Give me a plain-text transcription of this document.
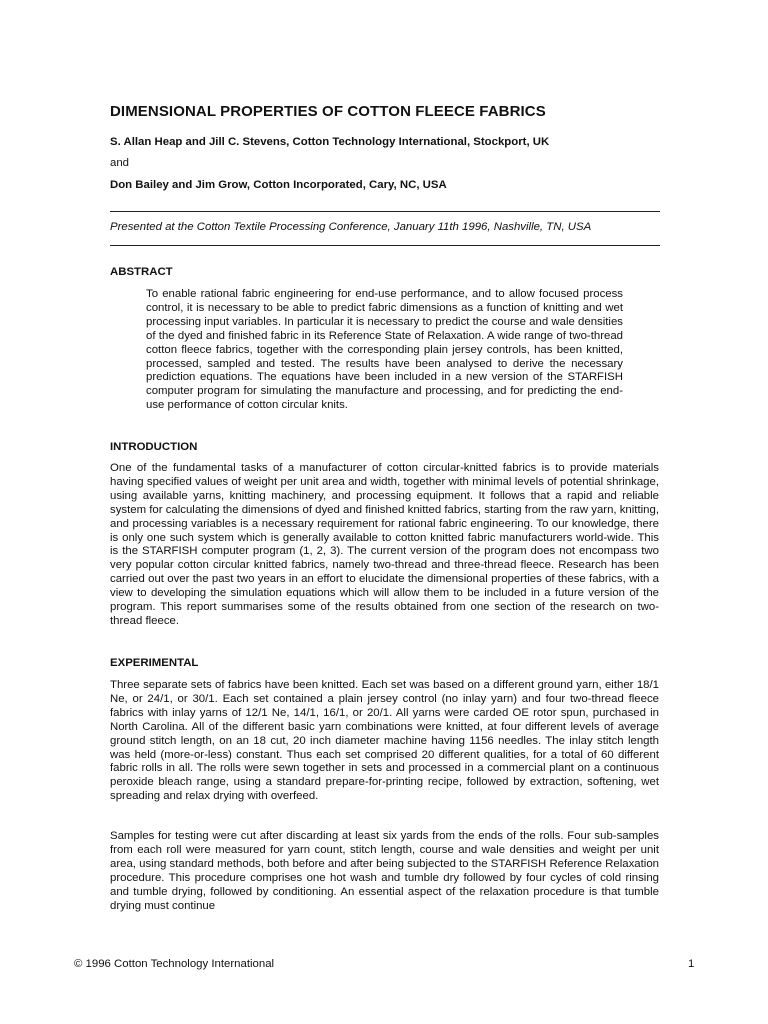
DIMENSIONAL PROPERTIES OF COTTON FLEECE FABRICS

S. Allan Heap and Jill C. Stevens, Cotton Technology International, Stockport, UK

and

Don Bailey and Jim Grow, Cotton Incorporated, Cary, NC, USA

Presented at the Cotton Textile Processing Conference, January 11th 1996, Nashville, TN, USA

ABSTRACT

To enable rational fabric engineering for end-use performance, and to allow focused process control, it is necessary to be able to predict fabric dimensions as a function of knitting and wet processing input variables. In particular it is necessary to predict the course and wale densities of the dyed and finished fabric in its Reference State of Relaxation. A wide range of two-thread cotton fleece fabrics, together with the corresponding plain jersey controls, has been knitted, processed, sampled and tested. The results have been analysed to derive the necessary prediction equations. The equations have been included in a new version of the STARFISH computer program for simulating the manufacture and processing, and for predicting the end-use performance of cotton circular knits.

INTRODUCTION

One of the fundamental tasks of a manufacturer of cotton circular-knitted fabrics is to provide materials having specified values of weight per unit area and width, together with minimal levels of potential shrinkage, using available yarns, knitting machinery, and processing equipment. It follows that a rapid and reliable system for calculating the dimensions of dyed and finished knitted fabrics, starting from the raw yarn, knitting, and processing variables is a necessary requirement for rational fabric engineering. To our knowledge, there is only one such system which is generally available to cotton knitted fabric manufacturers world-wide. This is the STARFISH computer program (1, 2, 3). The current version of the program does not encompass two very popular cotton circular knitted fabrics, namely two-thread and three-thread fleece. Research has been carried out over the past two years in an effort to elucidate the dimensional properties of these fabrics, with a view to developing the simulation equations which will allow them to be included in a future version of the program. This report summarises some of the results obtained from one section of the research on two-thread fleece.

EXPERIMENTAL

Three separate sets of fabrics have been knitted. Each set was based on a different ground yarn, either 18/1 Ne, or 24/1, or 30/1. Each set contained a plain jersey control (no inlay yarn) and four two-thread fleece fabrics with inlay yarns of 12/1 Ne, 14/1, 16/1, or 20/1. All yarns were carded OE rotor spun, purchased in North Carolina. All of the different basic yarn combinations were knitted, at four different levels of average ground stitch length, on an 18 cut, 20 inch diameter machine having 1156 needles. The inlay stitch length was held (more-or-less) constant. Thus each set comprised 20 different qualities, for a total of 60 different fabric rolls in all. The rolls were sewn together in sets and processed in a commercial plant on a continuous peroxide bleach range, using a standard prepare-for-printing recipe, followed by extraction, softening, wet spreading and relax drying with overfeed.

Samples for testing were cut after discarding at least six yards from the ends of the rolls. Four sub-samples from each roll were measured for yarn count, stitch length, course and wale densities and weight per unit area, using standard methods, both before and after being subjected to the STARFISH Reference Relaxation procedure. This procedure comprises one hot wash and tumble dry followed by four cycles of cold rinsing and tumble drying, followed by conditioning. An essential aspect of the relaxation procedure is that tumble drying must continue

© 1996 Cotton Technology International	1
